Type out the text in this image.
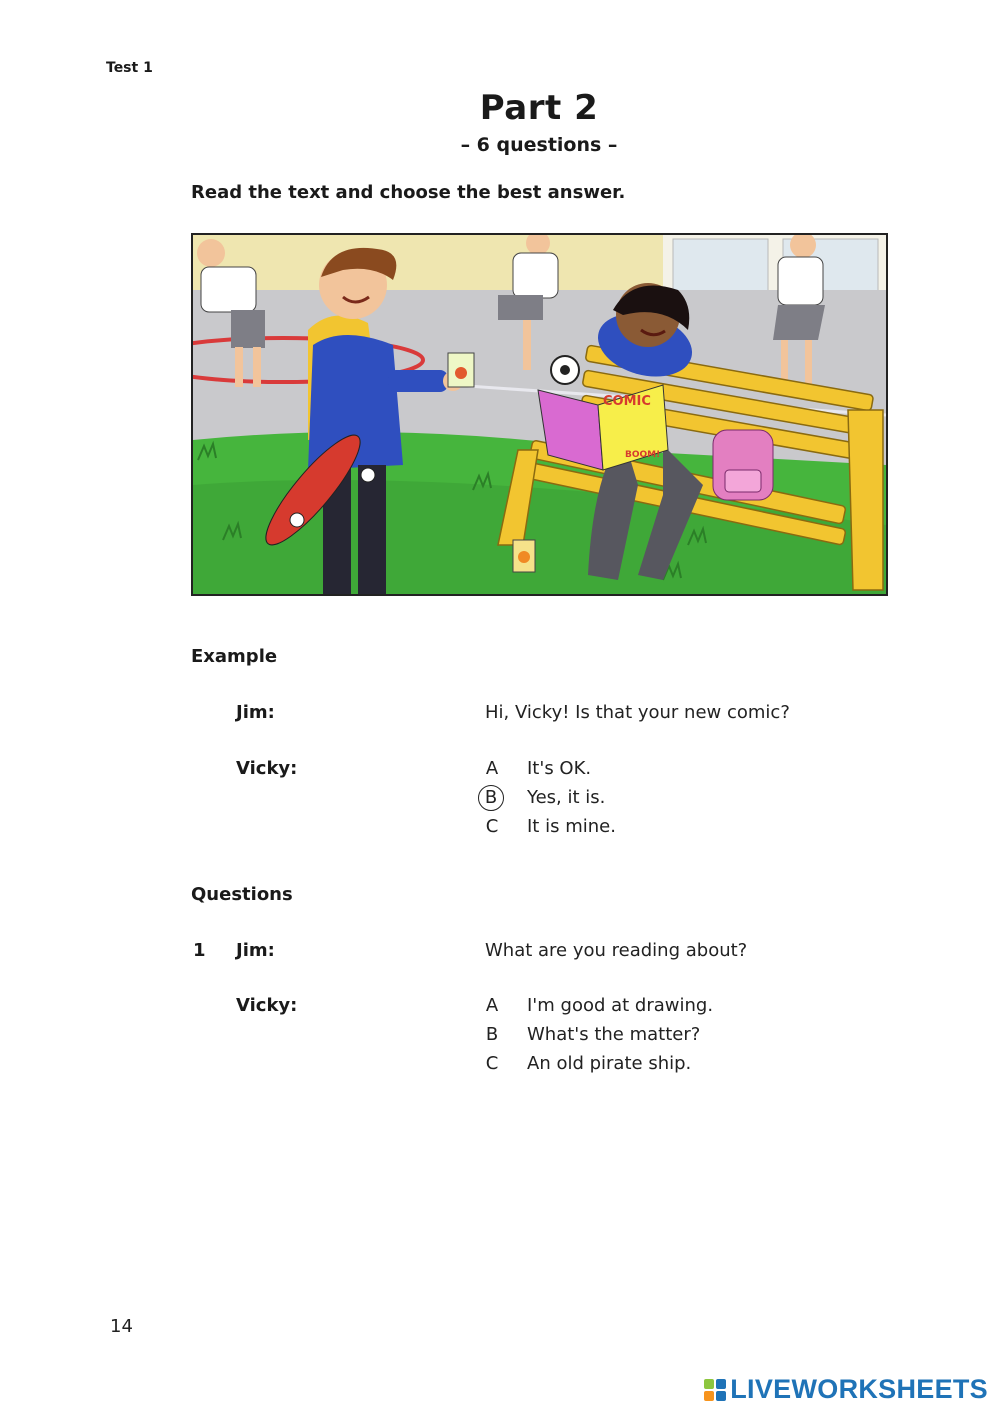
Test 1
Part 2
– 6 questions –
Read the text and choose the best answer.
COMIC
BOOM!
Example
Jim:	Hi, Vicky! Is that your new comic?
Vicky:	A It's OK.
B	Yes, it is.
C It is mine.
Questions
1 Jim:	What are you reading about?
Vicky:	A I'm good at drawing.
B What's the matter?
C An old pirate ship.
14
LIVEWORKSHEETS
